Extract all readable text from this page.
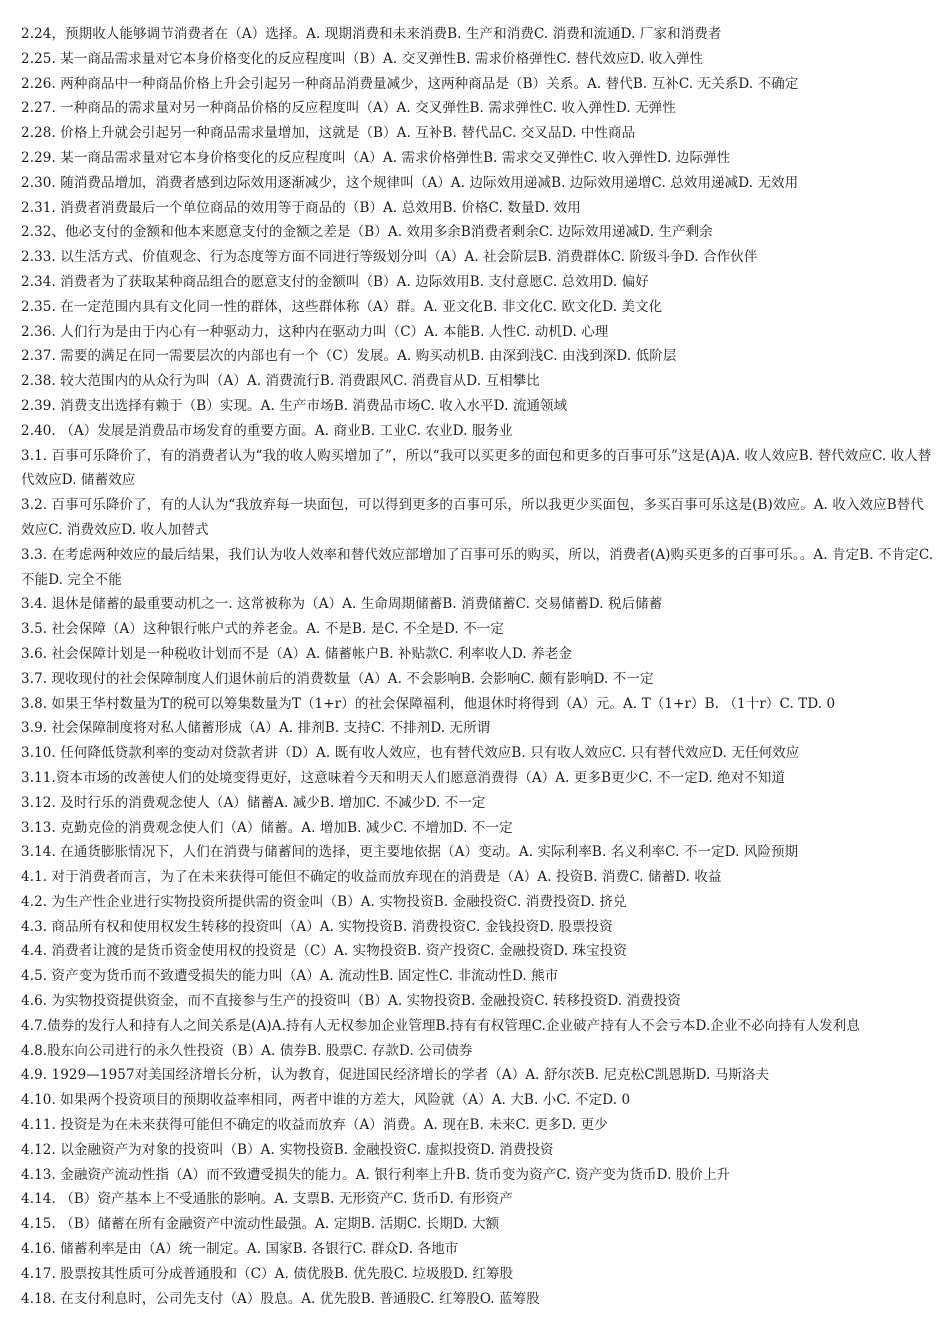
2.24，预期收人能够调节消费者在（A）选择。A. 现期消费和未来消费B. 生产和消费C. 消费和流通D. 厂家和消费者
2.25. 某一商品需求量对它本身价格变化的反应程度叫（B）A. 交叉弹性B. 需求价格弹性C. 替代效应D. 收入弹性
2.26. 两种商品中一种商品价格上升会引起另一种商品消费量减少，这两种商品是（B）关系。A. 替代B. 互补C. 无关系D. 不确定
2.27. 一种商品的需求量对另一种商品价格的反应程度叫（A）A. 交叉弹性B. 需求弹性C. 收入弹性D. 无弹性
2.28. 价格上升就会引起另一种商品需求量增加，这就是（B）A. 互补B. 替代品C. 交叉品D. 中性商品
2.29. 某一商品需求量对它本身价格变化的反应程度叫（A）A. 需求价格弹性B. 需求交叉弹性C. 收入弹性D. 边际弹性
2.30. 随消费品增加，消费者感到边际效用逐渐减少，这个规律叫（A）A. 边际效用递减B. 边际效用递增C. 总效用递减D. 无效用
2.31. 消费者消费最后一个单位商品的效用等于商品的（B）A. 总效用B. 价格C. 数量D. 效用
2.32、他必支付的金额和他本来愿意支付的金额之差是（B）A. 效用多余B消费者剩余C. 边际效用递减D. 生产剩余
2.33. 以生活方式、价值观念、行为态度等方面不同进行等级划分叫（A）A. 社会阶层B. 消费群体C. 阶级斗争D. 合作伙伴
2.34. 消费者为了获取某种商品组合的愿意支付的金额叫（B）A. 边际效用B. 支付意愿C. 总效用D. 偏好
2.35. 在一定范围内具有文化同一性的群体，这些群体称（A）群。A. 亚文化B. 非文化C. 欧文化D. 美文化
2.36. 人们行为是由于内心有一种驱动力，这种内在驱动力叫（C）A. 本能B. 人性C. 动机D. 心理
2.37. 需要的满足在同一需要层次的内部也有一个（C）发展。A. 购买动机B. 由深到浅C. 由浅到深D. 低阶层
2.38. 较大范围内的从众行为叫（A）A. 消费流行B. 消费跟风C. 消费盲从D. 互相攀比
2.39. 消费支出选择有赖于（B）实现。A. 生产市场B. 消费品市场C. 收入水平D. 流通领域
2.40. （A）发展是消费品市场发育的重要方面。A. 商业B. 工业C. 农业D. 服务业
3.1. 百事可乐降价了，有的消费者认为“我的收人购买增加了”，所以“我可以买更多的面包和更多的百事可乐”这是(A)A. 收人效应B. 替代效应C. 收人替代效应D. 储蓄效应
3.2. 百事可乐降价了，有的人认为“我放弃每一块面包，可以得到更多的百事可乐，所以我更少买面包，多买百事可乐这是(B)效应。A. 收入效应B替代效应C. 消费效应D. 收人加替式
3.3. 在考虑两种效应的最后结果，我们认为收人效率和替代效应部增加了百事可乐的购买，所以，消费者(A)购买更多的百事可乐。。A. 肯定B. 不肯定C. 不能D. 完全不能
3.4. 退休是储蓄的最重要动机之一. 这常被称为（A）A. 生命周期储蓄B. 消费储蓄C. 交易储蓄D. 税后储蓄
3.5. 社会保障（A）这种银行帐户式的养老金。A. 不是B. 是C. 不全是D. 不一定
3.6. 社会保障计划是一种税收计划而不是（A）A. 储蓄帐户B. 补贴款C. 利率收人D. 养老金
3.7. 现收现付的社会保障制度人们退休前后的消费数量（A）A. 不会影响B. 会影响C. 颇有影响D. 不一定
3.8. 如果王华村数量为T的税可以筹集数量为T（1+r）的社会保障福利，他退休时将得到（A）元。A. T（1+r）B. （1十r）C. TD. 0
3.9. 社会保障制度将对私人储蓄形成（A）A. 排剂B. 支持C. 不排剂D. 无所谓
3.10. 任何降低贷款利率的变动对贷款者讲（D）A. 既有收人效应，也有替代效应B. 只有收人效应C. 只有替代效应D. 无任何效应
3.11.资本市场的改善使人们的处境变得更好，这意味着今天和明天人们愿意消费得（A）A. 更多B更少C. 不一定D. 绝对不知道
3.12. 及时行乐的消费观念使人（A）储蓄A. 减少B. 增加C. 不减少D. 不一定
3.13. 克勤克俭的消费观念使人们（A）储蓄。A. 增加B. 减少C. 不增加D. 不一定
3.14. 在通货膨胀情况下，人们在消费与储蓄间的选择，更主要地依据（A）变动。A. 实际利率B. 名义利率C. 不一定D. 风险预期
4.1. 对于消费者而言，为了在未来获得可能但不确定的收益而放弃现在的消费是（A）A. 投资B. 消费C. 储蓄D. 收益
4.2. 为生产性企业进行实物投资所提供需的资金叫（B）A. 实物投资B. 金融投资C. 消费投资D. 挤兑
4.3. 商品所有权和使用权发生转移的投资叫（A）A. 实物投资B. 消费投资C. 金钱投资D. 股票投资
4.4. 消费者让渡的是货币资金使用权的投资是（C）A. 实物投资B. 资产投资C. 金融投资D. 珠宝投资
4.5. 资产变为货币而不致遭受损失的能力叫（A）A. 流动性B. 固定性C. 非流动性D. 熊市
4.6. 为实物投资提供资金，而不直接参与生产的投资叫（B）A. 实物投资B. 金融投资C. 转移投资D. 消费投资
4.7.债券的发行人和持有人之间关系是(A)A.持有人无权参加企业管理B.持有有权管理C.企业破产持有人不会亏本D.企业不必向持有人发利息
4.8.股东向公司进行的永久性投资（B）A. 债券B. 股票C. 存款D. 公司债券
4.9. 1929—1957对美国经济增长分析，认为教育，促进国民经济增长的学者（A）A. 舒尔茨B. 尼克松C凯恩斯D. 马斯洛夫
4.10. 如果两个投资项目的预期收益率相同，两者中谁的方差大，风险就（A）A. 大B. 小C. 不定D. 0
4.11. 投资是为在未来获得可能但不确定的收益而放弃（A）消费。A. 现在B. 未来C. 更多D. 更少
4.12. 以金融资产为对象的投资叫（B）A. 实物投资B. 金融投资C. 虚拟投资D. 消费投资
4.13. 金融资产流动性指（A）而不致遭受损失的能力。A. 银行利率上升B. 货币变为资产C. 资产变为货币D. 股价上升
4.14. （B）资产基本上不受通胀的影响。A. 支票B. 无形资产C. 货币D. 有形资产
4.15. （B）储蓄在所有金融资产中流动性最强。A. 定期B. 活期C. 长期D. 大额
4.16. 储蓄利率是由（A）统一制定。A. 国家B. 各银行C. 群众D. 各地市
4.17. 股票按其性质可分成普通股和（C）A. 债优股B. 优先股C. 垃圾股D. 红筹股
4.18. 在支付利息时，公司先支付（A）股息。A. 优先股B. 普通股C. 红筹股O. 蓝筹股
